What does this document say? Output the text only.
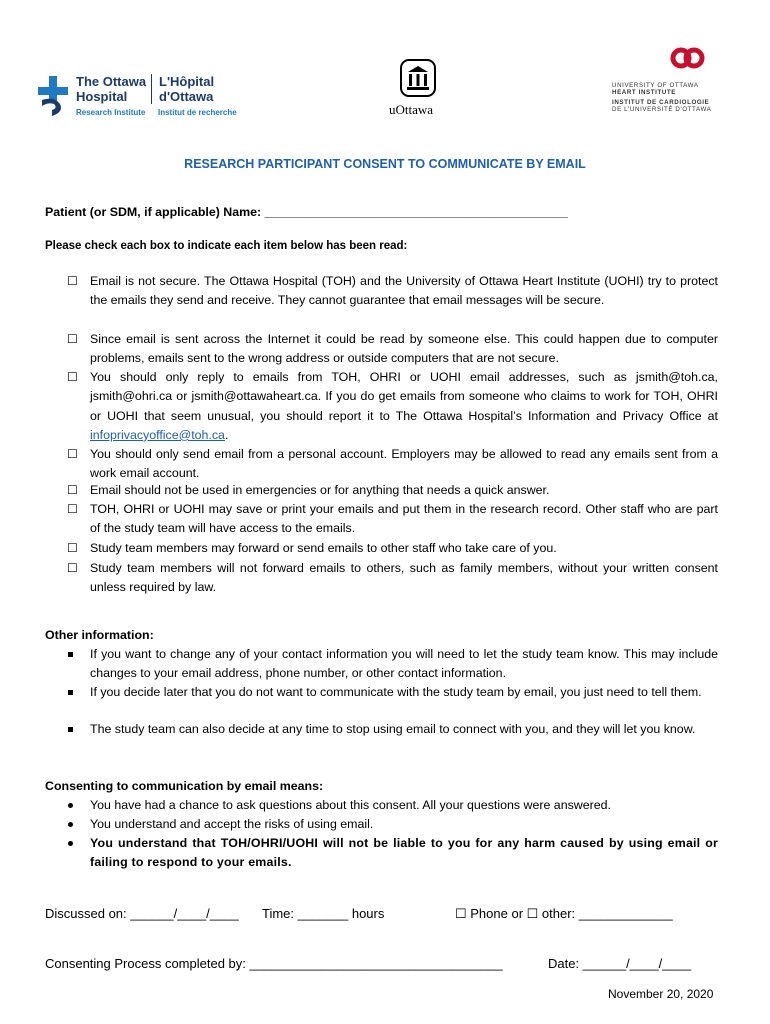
The Ottawa
Hospital
L'Hôpital
d'Ottawa
Research Institute Institut de recherche	uOttawa
UNIVERSITY OF OTTAWA
HEART INSTITUTE
INSTITUT DE CARDIOLOGIE
DE L'UNIVERSITÉ D'OTTAWA
RESEARCH PARTICIPANT CONSENT TO COMMUNICATE BY EMAIL
Patient (or SDM, if applicable) Name: ____________________________________________
Please check each box to indicate each item below has been read:
☐ Email is not secure. The Ottawa Hospital (TOH) and the University of Ottawa Heart Institute (UOHI) try to protect the emails they send and receive. They cannot guarantee that email messages will be secure.
☐ Since email is sent across the Internet it could be read by someone else. This could happen due to computer problems, emails sent to the wrong address or outside computers that are not secure.
☐ You should only reply to emails from TOH, OHRI or UOHI email addresses, such as jsmith@toh.ca, jsmith@ohri.ca or jsmith@ottawaheart.ca. If you do get emails from someone who claims to work for TOH, OHRI or UOHI that seem unusual, you should report it to The Ottawa Hospital’s Information and Privacy Office at infoprivacyoffice@toh.ca.
☐ You should only send email from a personal account. Employers may be allowed to read any emails sent from a work email account.
☐ Email should not be used in emergencies or for anything that needs a quick answer.
☐ TOH, OHRI or UOHI may save or print your emails and put them in the research record. Other staff who are part of the study team will have access to the emails.
☐ Study team members may forward or send emails to other staff who take care of you.
☐ Study team members will not forward emails to others, such as family members, without your written consent unless required by law.
Other information:
If you want to change any of your contact information you will need to let the study team know. This may include changes to your email address, phone number, or other contact information.
If you decide later that you do not want to communicate with the study team by email, you just need to tell them.
The study team can also decide at any time to stop using email to connect with you, and they will let you know.
Consenting to communication by email means:
You have had a chance to ask questions about this consent. All your questions were answered.
You understand and accept the risks of using email.
You understand that TOH/OHRI/UOHI will not be liable to you for any harm caused by using email or failing to respond to your emails.
Discussed on: ______/____/____ Time: _______ hours	☐ Phone or ☐ other: _____________
Consenting Process completed by: ___________________________________	Date: ______/____/____
November 20, 2020
